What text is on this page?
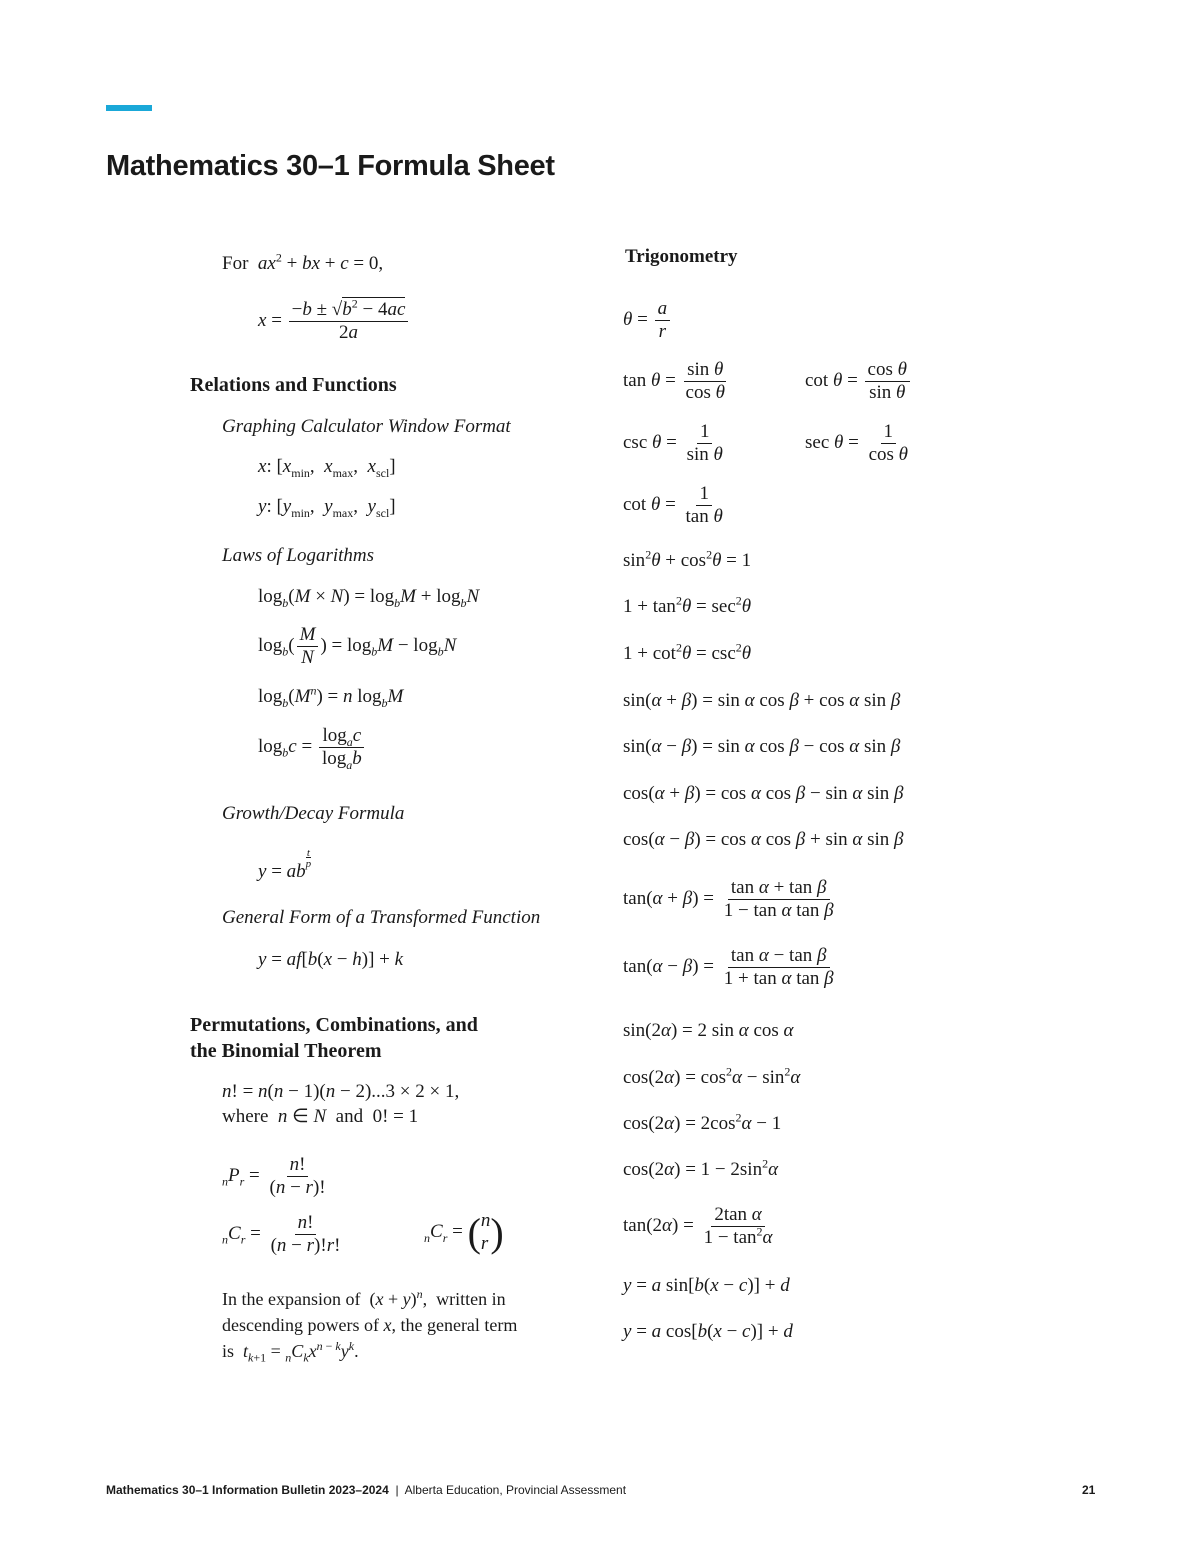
Mathematics 30–1 Formula Sheet
For $ax^2$ + bx + c = 0,
$x = \frac{-b \pm √b^2 - 4ac}{2a}$
Relations and Functions
Graphing Calculator Window Format
x: [$x_{min}$,  $x_{max}$,  $x_{scl}$]
y: [$y_{min}$,  $y_{max}$,  $y_{scl}$]
Laws of Logarithms
$\log_b(M \times N) = \log_bM + \log_bN$
$\log_b( \frac{M}{N}$ ) = $\log_bM - \log_bN$
$\log_b(M^n) = n$ $\log_bM$
$\log_bc = \frac{\log_ac}{\log_ab}$
Growth/Decay Formula
$y = ab\frac{t}{p}$
General Form of a Transformed Function
y = af[b(x − h)] + k
Permutations, Combinations, and
the Binomial Theorem
n! = n(n − 1)(n − 2)...3 × 2 × 1,
where  n ∈ N  and  0! = 1
$_nP_r = \frac{n!}{(n - r)!}$
$_nC_r = \frac{n!}{(n - r)!r!}$	$_nC_r$ = ( n
r )
In the expansion of  $(x + y)^n$,  written in
descending powers of x, the general term
is  $t_{k+1} = _nC_kx^{n - k}y^k$.
Trigonometry
$\theta = \frac{a}{r}$
$\tan \theta = \frac{\text{sin θ}}{\text{cos θ}}$	$\cot \theta = \frac{\text{cos θ}}{\text{sin θ}}$
$\csc \theta = \frac{1}{\text{sin θ}}$	$\sec \theta = \frac{1}{\text{cos θ}}$
$\cot \theta = \frac{1}{\text{tan θ}}$
$\sin^2\theta + \cos^2\theta = 1$
$1 + \tan^2\theta = \sec^2\theta$
$1 + \cot^2\theta = \csc^2\theta$
sin(α + β) = sin α cos β + cos α sin β
sin(α − β) = sin α cos β − cos α sin β
cos(α + β) = cos α cos β − sin α sin β
cos(α − β) = cos α cos β + sin α sin β
$\tan(\alpha + \beta) = \frac{\text{tan α + tan β}}{\text{1 − tan α tan β}}$
$\tan(\alpha - \beta) = \frac{\text{tan α − tan β}}{\text{1 + tan α tan β}}$
sin(2α) = 2 sin α cos α
$\cos(2\alpha) = \cos^2\alpha - \sin^2\alpha$
$\cos(2\alpha) = 2\cos^2\alpha - 1$
$\cos(2\alpha) = 1 - 2\sin^2\alpha$
$\tan(2\alpha) = \frac{\text{2tan α}}{1 - \tan^2\alpha}$
y = a sin[b(x − c)] + d
y = a cos[b(x − c)] + d
Mathematics 30–1 Information Bulletin 2023–2024 | Alberta Education, Provincial Assessment	21
